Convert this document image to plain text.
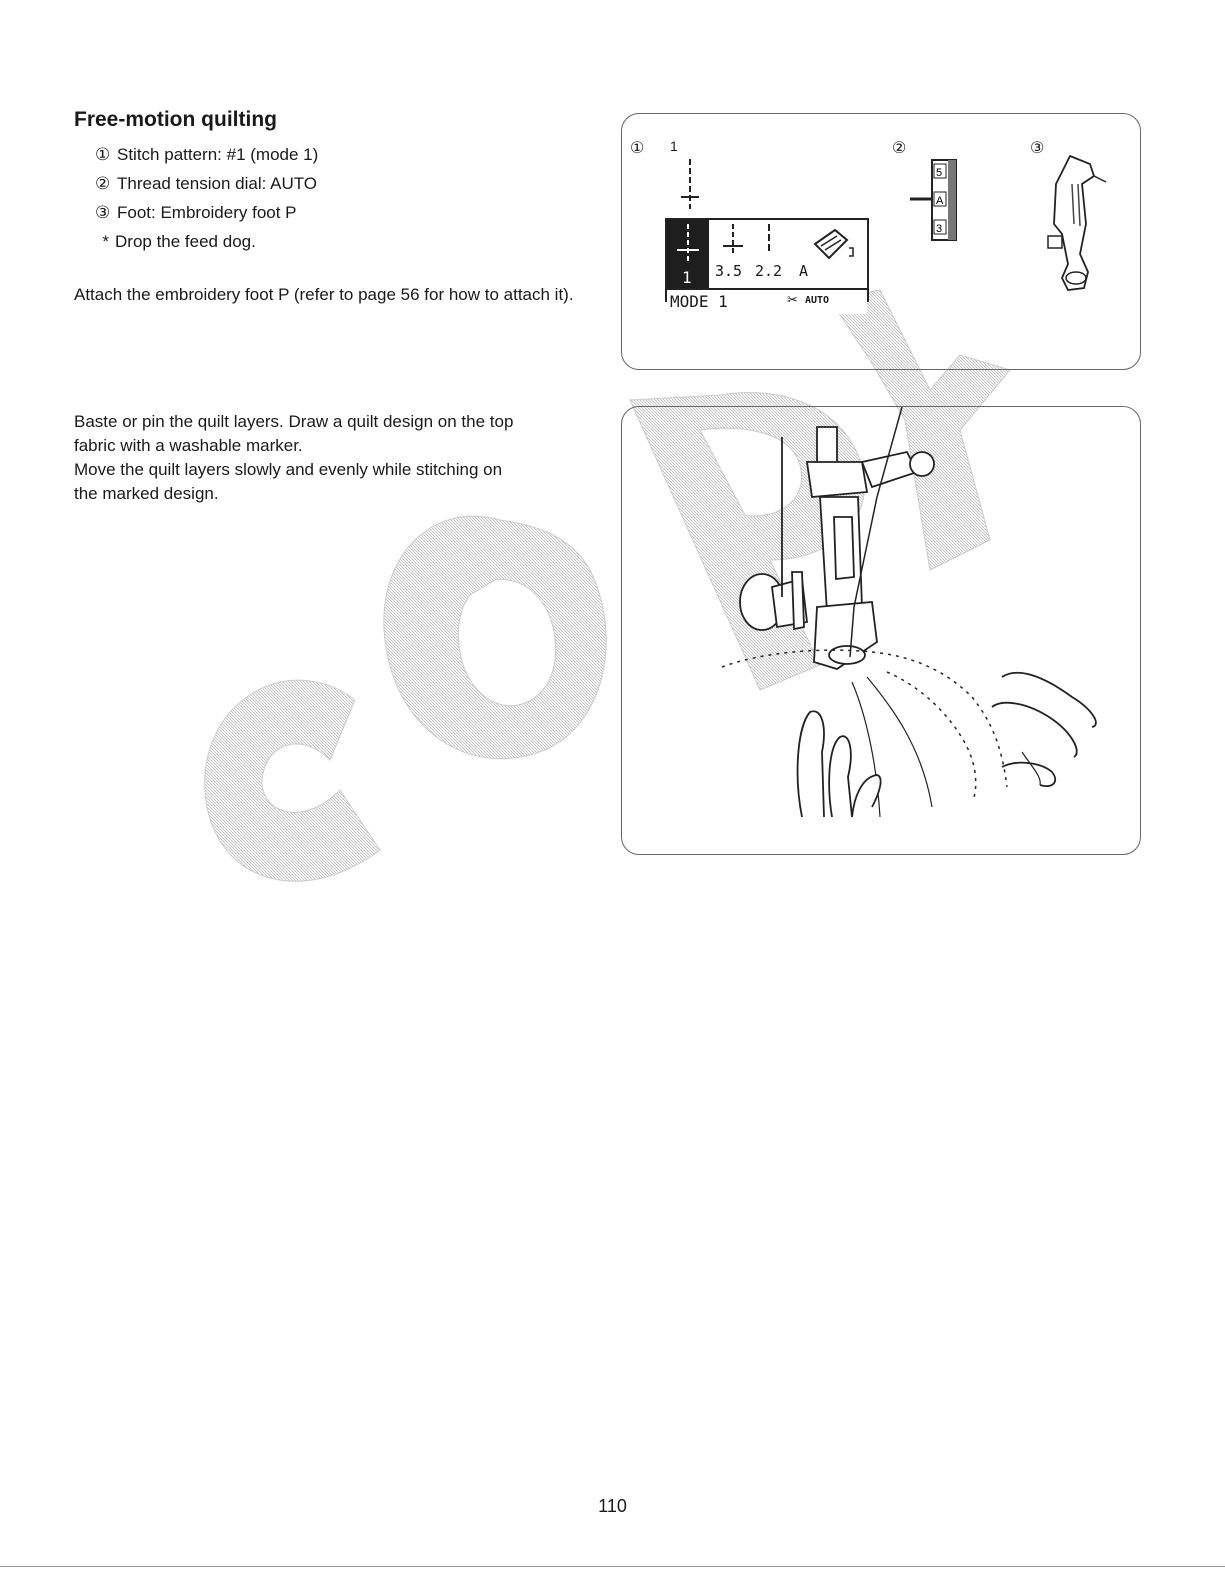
Free-motion quilting
① Stitch pattern: #1 (mode 1)
② Thread tension dial: AUTO
③ Foot: Embroidery foot P
* Drop the feed dog.

Attach the embroidery foot P (refer to page 56 for how to attach it).

Baste or pin the quilt layers. Draw a quilt design on the top
fabric with a washable marker.
Move the quilt layers slowly and evenly while stitching on
the marked design.

① 1	②	③
1 3.5 2.2 A
MODE 1	✂ AUTO
5
A
3
110
